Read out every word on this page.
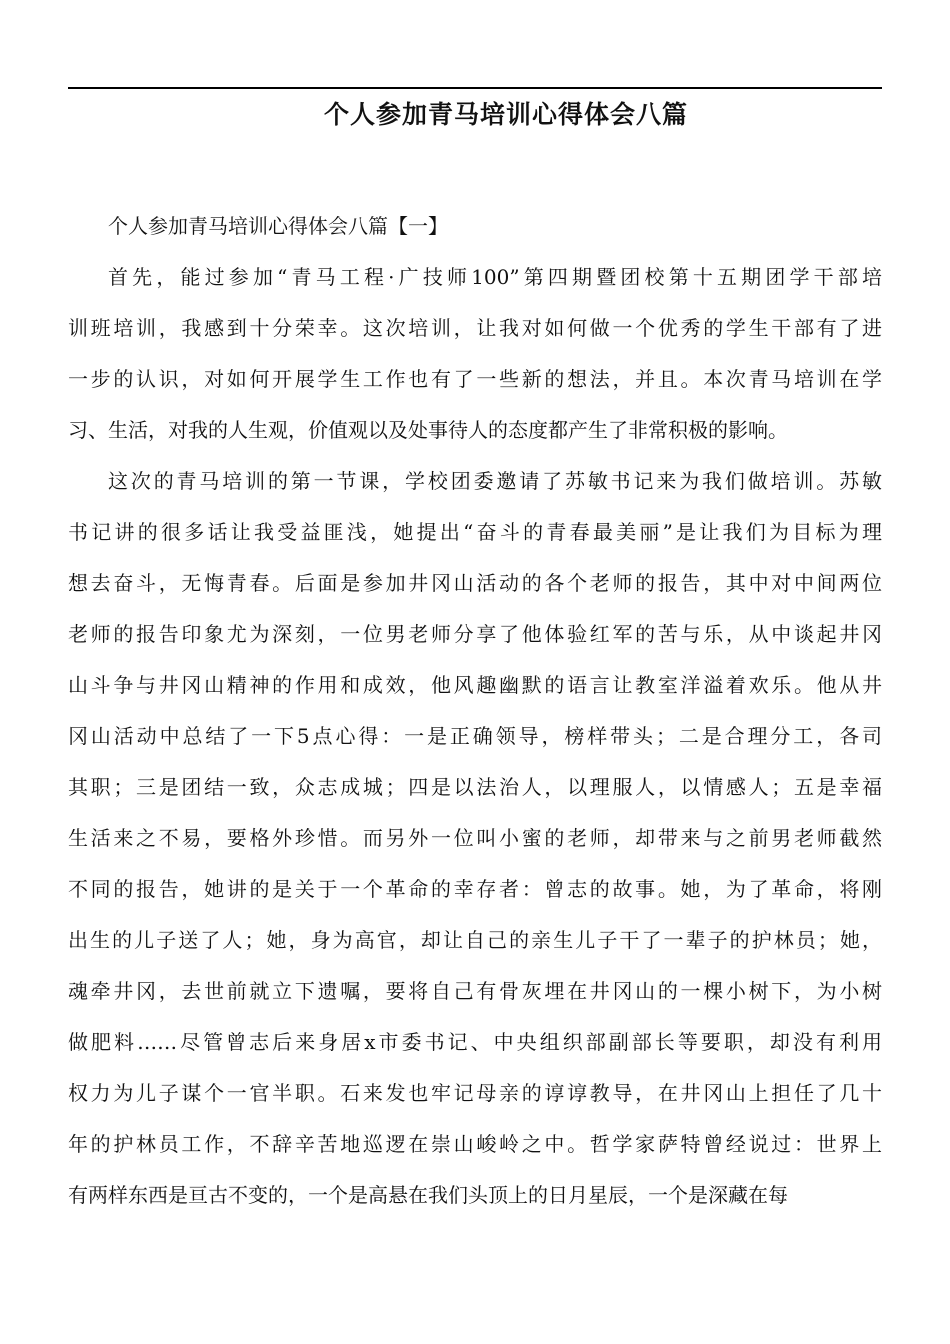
个人参加青马培训心得体会八篇
个人参加青马培训心得体会八篇【一】
首先，能过参加“青马工程·广技师100”第四期暨团校第十五期团学干部培
训班培训，我感到十分荣幸。这次培训，让我对如何做一个优秀的学生干部有了进
一步的认识，对如何开展学生工作也有了一些新的想法，并且。本次青马培训在学
习、生活，对我的人生观，价值观以及处事待人的态度都产生了非常积极的影响。
这次的青马培训的第一节课，学校团委邀请了苏敏书记来为我们做培训。苏敏
书记讲的很多话让我受益匪浅，她提出“奋斗的青春最美丽”是让我们为目标为理
想去奋斗，无悔青春。后面是参加井冈山活动的各个老师的报告，其中对中间两位
老师的报告印象尤为深刻，一位男老师分享了他体验红军的苦与乐，从中谈起井冈
山斗争与井冈山精神的作用和成效，他风趣幽默的语言让教室洋溢着欢乐。他从井
冈山活动中总结了一下5点心得：一是正确领导，榜样带头；二是合理分工，各司
其职；三是团结一致，众志成城；四是以法治人，以理服人，以情感人；五是幸福
生活来之不易，要格外珍惜。而另外一位叫小蜜的老师，却带来与之前男老师截然
不同的报告，她讲的是关于一个革命的幸存者：曾志的故事。她，为了革命，将刚
出生的儿子送了人；她，身为高官，却让自己的亲生儿子干了一辈子的护林员；她，
魂牵井冈，去世前就立下遗嘱，要将自己有骨灰埋在井冈山的一棵小树下，为小树
做肥料……尽管曾志后来身居x市委书记、中央组织部副部长等要职，却没有利用
权力为儿子谋个一官半职。石来发也牢记母亲的谆谆教导，在井冈山上担任了几十
年的护林员工作，不辞辛苦地巡逻在崇山峻岭之中。哲学家萨特曾经说过：世界上
有两样东西是亘古不变的，一个是高悬在我们头顶上的日月星辰，一个是深藏在每
